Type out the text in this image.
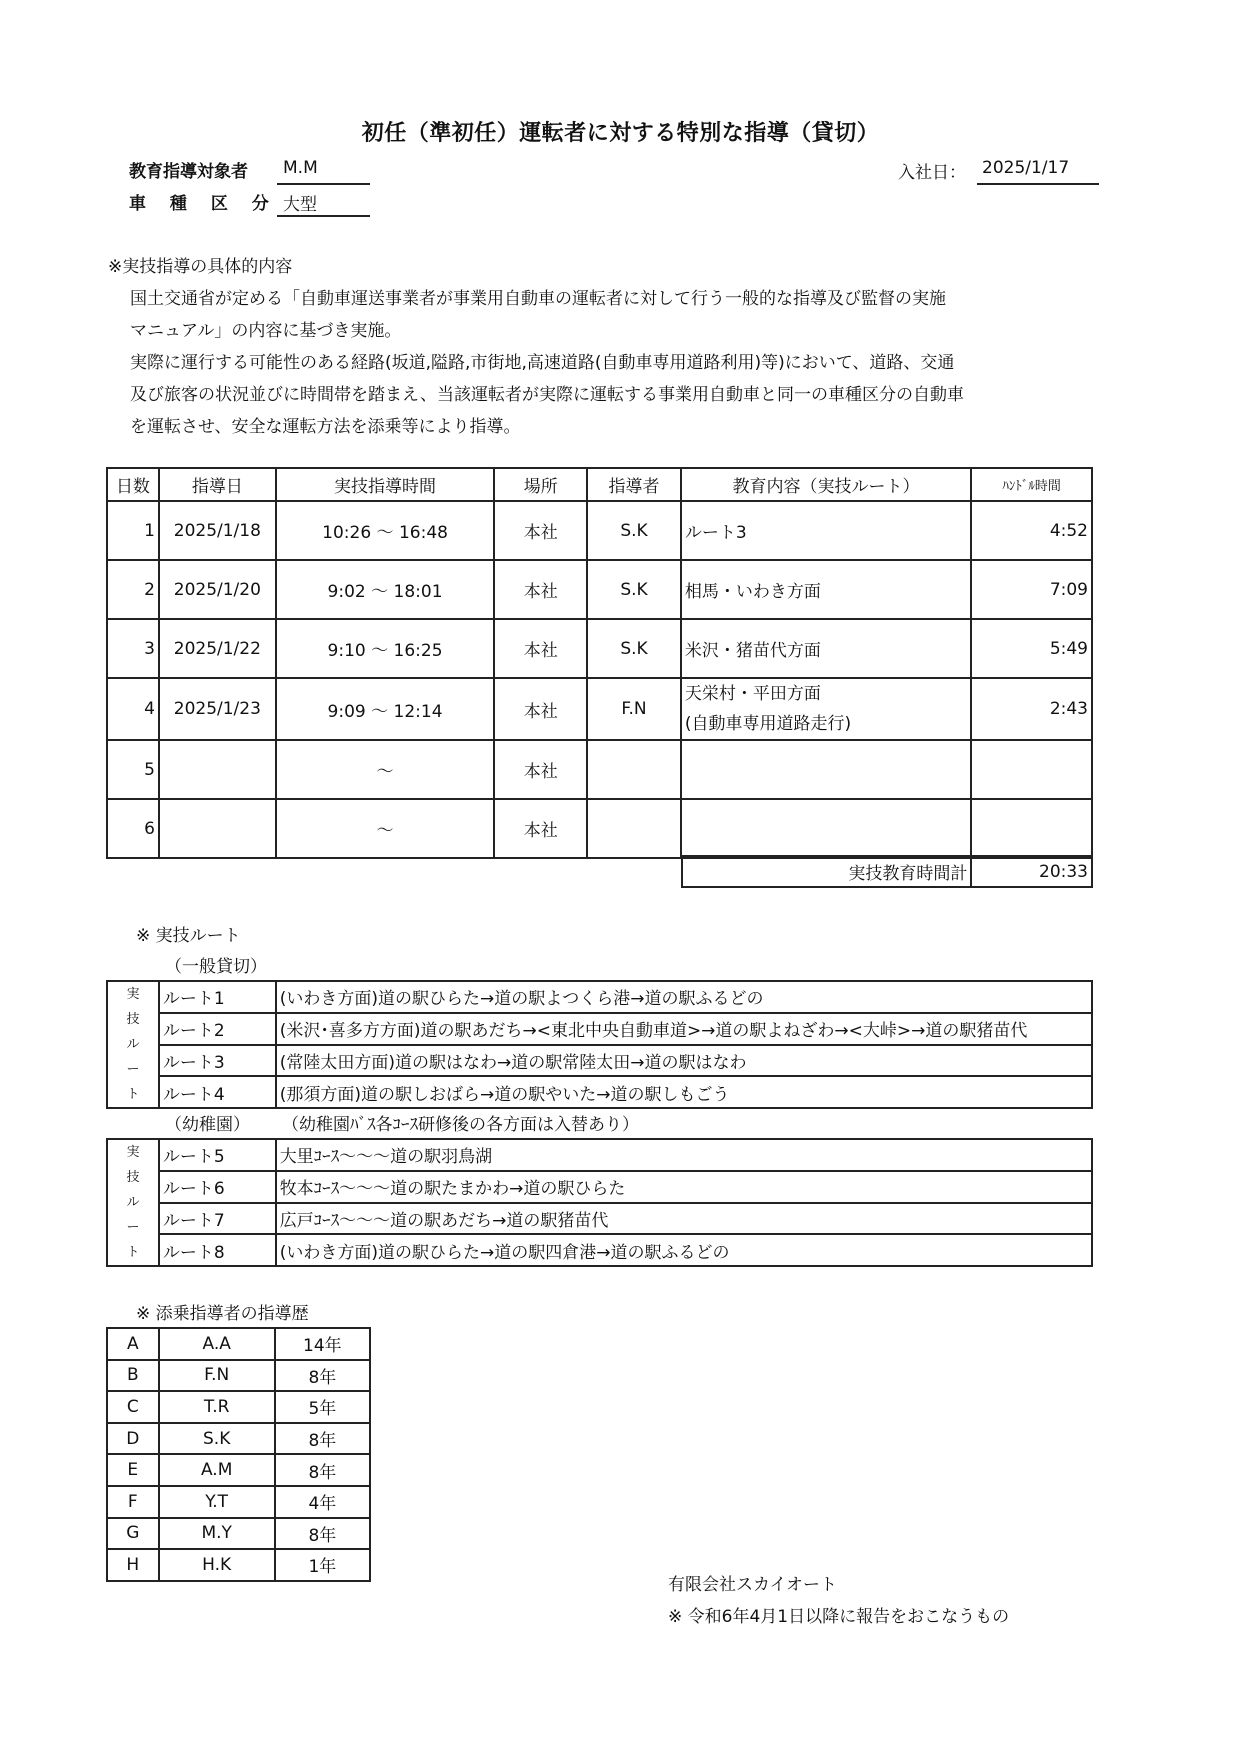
初任（準初任）運転者に対する特別な指導（貸切）
教育指導対象者 M.M
車 種 区 分 大型
入社日： 2025/1/17
※実技指導の具体的内容
国土交通省が定める「自動車運送事業者が事業用自動車の運転者に対して行う一般的な指導及び監督の実施
マニュアル」の内容に基づき実施。
実際に運行する可能性のある経路(坂道,隘路,市街地,高速道路(自動車専用道路利用)等)において、道路、交通
及び旅客の状況並びに時間帯を踏まえ、当該運転者が実際に運転する事業用自動車と同一の車種区分の自動車
を運転させ、安全な運転方法を添乗等により指導。
日数	指導日	実技指導時間	場所	指導者	教育内容（実技ルート）	ﾊﾝﾄﾞﾙ時間
1	2025/1/18	10:26 ～ 16:48	本社	S.K	ルート3	4:52
2	2025/1/20	9:02 ～ 18:01	本社	S.K	相馬・いわき方面	7:09
3	2025/1/22	9:10 ～ 16:25	本社	S.K	米沢・猪苗代方面	5:49
4	2025/1/23	9:09 ～ 12:14	本社	F.N	天栄村・平田方面
(自動車専用道路走行)	2:43
5		～	本社			
6		～	本社			
実技教育時間計	20:33
※ 実技ルート
（一般貸切）
実
技
ル
ー
ト	ルート1	(いわき方面)道の駅ひらた→道の駅よつくら港→道の駅ふるどの
	ルート2	(米沢･喜多方方面)道の駅あだち→<東北中央自動車道>→道の駅よねざわ→<大峠>→道の駅猪苗代
	ルート3	(常陸太田方面)道の駅はなわ→道の駅常陸太田→道の駅はなわ
	ルート4	(那須方面)道の駅しおばら→道の駅やいた→道の駅しもごう
（幼稚園） （幼稚園ﾊﾞｽ各ｺｰｽ研修後の各方面は入替あり）
実
技
ル
ー
ト	ルート5	大里ｺｰｽ～～～道の駅羽鳥湖
	ルート6	牧本ｺｰｽ～～～道の駅たまかわ→道の駅ひらた
	ルート7	広戸ｺｰｽ～～～道の駅あだち→道の駅猪苗代
	ルート8	(いわき方面)道の駅ひらた→道の駅四倉港→道の駅ふるどの
※ 添乗指導者の指導歴
A	A.A	14年
B	F.N	8年
C	T.R	5年
D	S.K	8年
E	A.M	8年
F	Y.T	4年
G	M.Y	8年
H	H.K	1年
有限会社スカイオート
※ 令和6年4月1日以降に報告をおこなうもの
